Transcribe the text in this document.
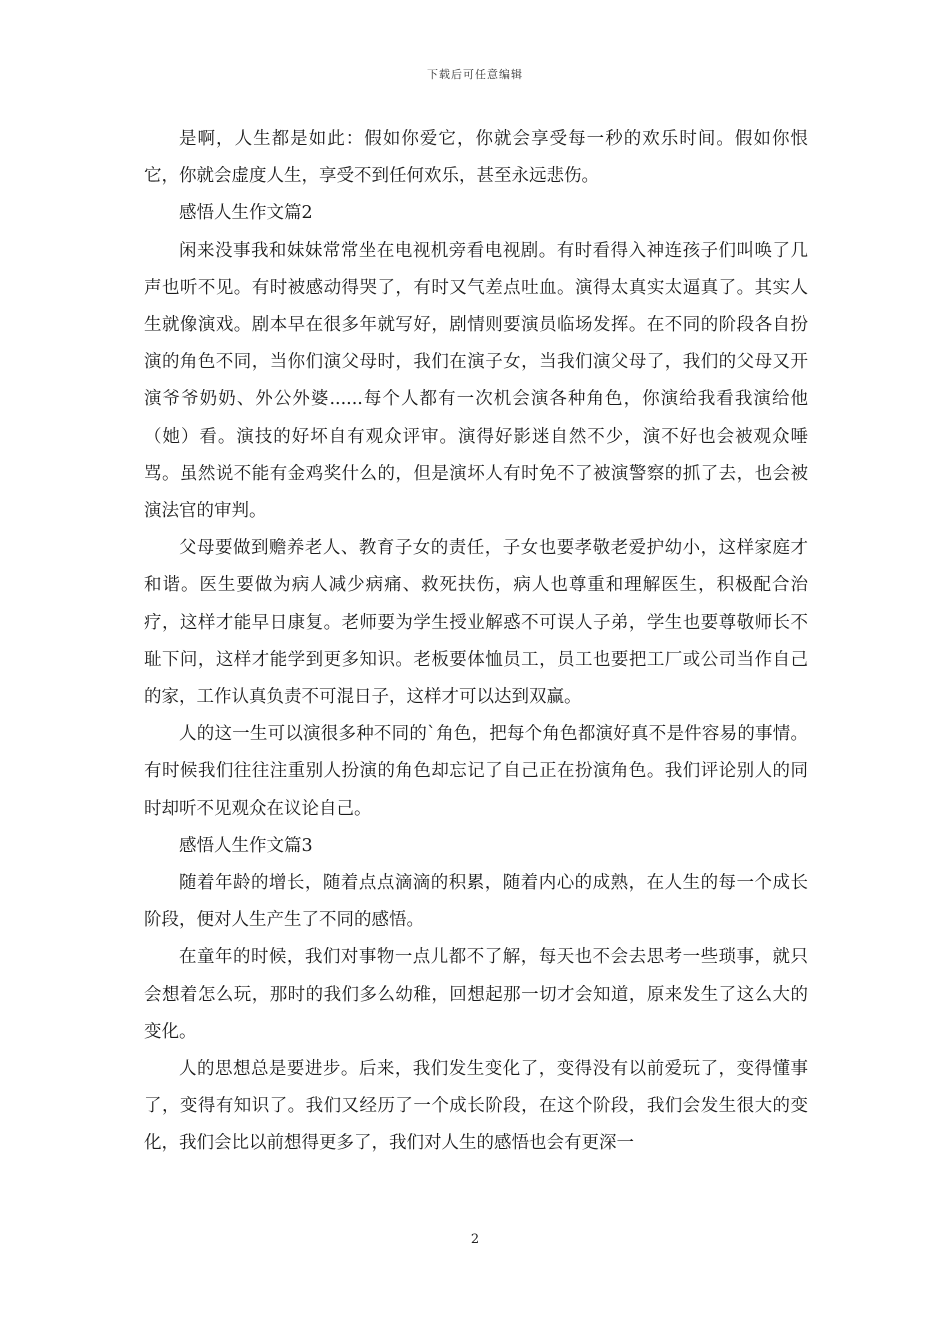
下载后可任意编辑

是啊，人生都是如此：假如你爱它，你就会享受每一秒的欢乐时间。假如你恨它，你就会虚度人生，享受不到任何欢乐，甚至永远悲伤。

感悟人生作文篇2

闲来没事我和妹妹常常坐在电视机旁看电视剧。有时看得入神连孩子们叫唤了几声也听不见。有时被感动得哭了，有时又气差点吐血。演得太真实太逼真了。其实人生就像演戏。剧本早在很多年就写好，剧情则要演员临场发挥。在不同的阶段各自扮演的角色不同，当你们演父母时，我们在演子女，当我们演父母了，我们的父母又开演爷爷奶奶、外公外婆......每个人都有一次机会演各种角色，你演给我看我演给他（她）看。演技的好坏自有观众评审。演得好影迷自然不少，演不好也会被观众唾骂。虽然说不能有金鸡奖什么的，但是演坏人有时免不了被演警察的抓了去，也会被演法官的审判。

父母要做到赡养老人、教育子女的责任，子女也要孝敬老爱护幼小，这样家庭才和谐。医生要做为病人减少病痛、救死扶伤，病人也尊重和理解医生，积极配合治疗，这样才能早日康复。老师要为学生授业解惑不可误人子弟，学生也要尊敬师长不耻下问，这样才能学到更多知识。老板要体恤员工，员工也要把工厂或公司当作自己的家，工作认真负责不可混日子，这样才可以达到双赢。

人的这一生可以演很多种不同的`角色，把每个角色都演好真不是件容易的事情。有时候我们往往注重别人扮演的角色却忘记了自己正在扮演角色。我们评论别人的同时却听不见观众在议论自己。

感悟人生作文篇3

随着年龄的增长，随着点点滴滴的积累，随着内心的成熟，在人生的每一个成长阶段，便对人生产生了不同的感悟。

在童年的时候，我们对事物一点儿都不了解，每天也不会去思考一些琐事，就只会想着怎么玩，那时的我们多么幼稚，回想起那一切才会知道，原来发生了这么大的变化。

人的思想总是要进步。后来，我们发生变化了，变得没有以前爱玩了，变得懂事了，变得有知识了。我们又经历了一个成长阶段，在这个阶段，我们会发生很大的变化，我们会比以前想得更多了，我们对人生的感悟也会有更深一

2
